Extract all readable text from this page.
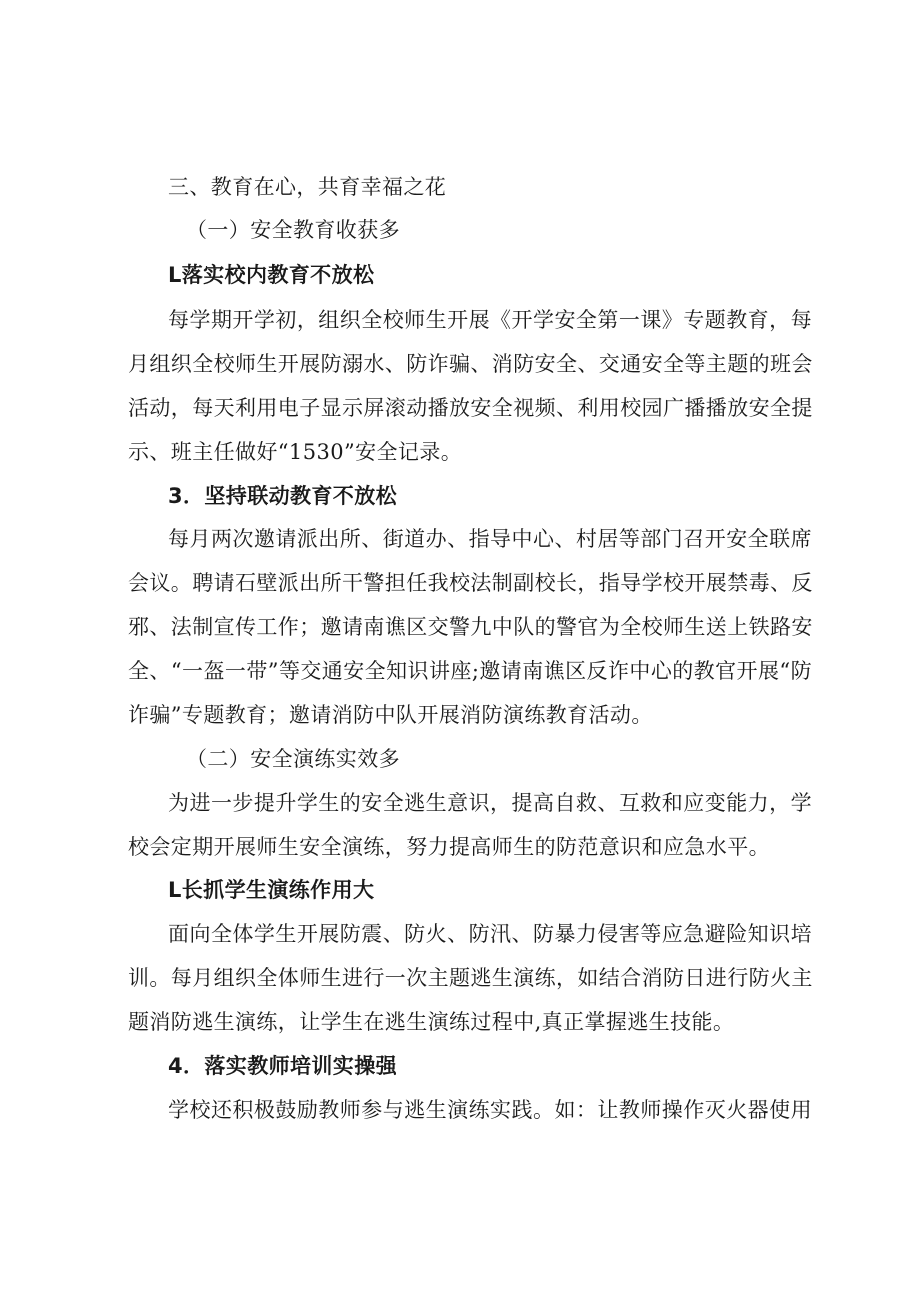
三、教育在心，共育幸福之花
（一）安全教育收获多
L落实校内教育不放松
每学期开学初，组织全校师生开展《开学安全第一课》专题教育，每
月组织全校师生开展防溺水、防诈骗、消防安全、交通安全等主题的班会
活动，每天利用电子显示屏滚动播放安全视频、利用校园广播播放安全提
示、班主任做好“1530”安全记录。
3．坚持联动教育不放松
每月两次邀请派出所、街道办、指导中心、村居等部门召开安全联席
会议。聘请石壁派出所干警担任我校法制副校长，指导学校开展禁毒、反
邪、法制宣传工作；邀请南谯区交警九中队的警官为全校师生送上铁路安
全、“一盔一带”等交通安全知识讲座;邀请南谯区反诈中心的教官开展“防
诈骗”专题教育；邀请消防中队开展消防演练教育活动。
（二）安全演练实效多
为进一步提升学生的安全逃生意识，提高自救、互救和应变能力，学
校会定期开展师生安全演练，努力提高师生的防范意识和应急水平。
L长抓学生演练作用大
面向全体学生开展防震、防火、防汛、防暴力侵害等应急避险知识培
训。每月组织全体师生进行一次主题逃生演练，如结合消防日进行防火主
题消防逃生演练，让学生在逃生演练过程中,真正掌握逃生技能。
4．落实教师培训实操强
学校还积极鼓励教师参与逃生演练实践。如：让教师操作灭火器使用
